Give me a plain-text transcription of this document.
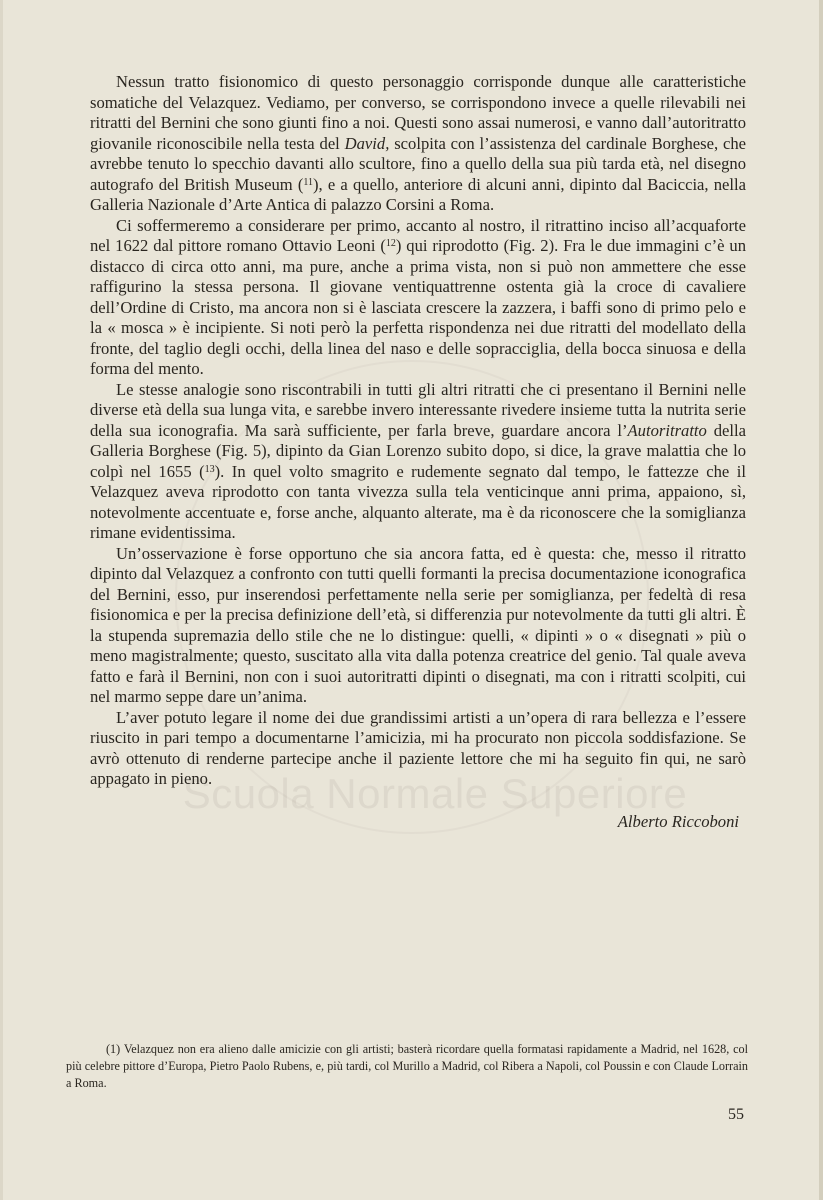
Scuola Normale Superiore

Nessun tratto fisionomico di questo personaggio corrisponde dunque alle caratteristiche somatiche del Velazquez. Vediamo, per converso, se corrispondono invece a quelle rilevabili nei ritratti del Bernini che sono giunti fino a noi. Questi sono assai numerosi, e vanno dall’autoritratto giovanile riconoscibile nella testa del David, scolpita con l’assistenza del cardinale Borghese, che avrebbe tenuto lo specchio davanti allo scultore, fino a quello della sua più tarda età, nel disegno autografo del British Museum ($^{11}$), e a quello, anteriore di alcuni anni, dipinto dal Baciccia, nella Galleria Nazionale d’Arte Antica di palazzo Corsini a Roma.

Ci soffermeremo a considerare per primo, accanto al nostro, il ritrattino inciso all’acquaforte nel 1622 dal pittore romano Ottavio Leoni ($^{12}$) qui riprodotto (Fig. 2). Fra le due immagini c’è un distacco di circa otto anni, ma pure, anche a prima vista, non si può non ammettere che esse raffigurino la stessa persona. Il giovane ventiquattrenne ostenta già la croce di cavaliere dell’Ordine di Cristo, ma ancora non si è lasciata crescere la zazzera, i baffi sono di primo pelo e la « mosca » è incipiente. Si noti però la perfetta rispondenza nei due ritratti del modellato della fronte, del taglio degli occhi, della linea del naso e delle sopracciglia, della bocca sinuosa e della forma del mento.

Le stesse analogie sono riscontrabili in tutti gli altri ritratti che ci presentano il Bernini nelle diverse età della sua lunga vita, e sarebbe invero interessante rivedere insieme tutta la nutrita serie della sua iconografia. Ma sarà sufficiente, per farla breve, guardare ancora l’Autoritratto della Galleria Borghese (Fig. 5), dipinto da Gian Lorenzo subito dopo, si dice, la grave malattia che lo colpì nel 1655 ($^{13}$). In quel volto smagrito e rudemente segnato dal tempo, le fattezze che il Velazquez aveva riprodotto con tanta vivezza sulla tela venticinque anni prima, appaiono, sì, notevolmente accentuate e, forse anche, alquanto alterate, ma è da riconoscere che la somiglianza rimane evidentissima.

Un’osservazione è forse opportuno che sia ancora fatta, ed è questa: che, messo il ritratto dipinto dal Velazquez a confronto con tutti quelli formanti la precisa documentazione iconografica del Bernini, esso, pur inserendosi perfettamente nella serie per somiglianza, per fedeltà di resa fisionomica e per la precisa definizione dell’età, si differenzia pur notevolmente da tutti gli altri. È la stupenda supremazia dello stile che ne lo distingue: quelli, « dipinti » o « disegnati » più o meno magistralmente; questo, suscitato alla vita dalla potenza creatrice del genio. Tal quale aveva fatto e farà il Bernini, non con i suoi autoritratti dipinti o disegnati, ma con i ritratti scolpiti, cui nel marmo seppe dare un’anima.

L’aver potuto legare il nome dei due grandissimi artisti a un’opera di rara bellezza e l’essere riuscito in pari tempo a documentarne l’amicizia, mi ha procurato non piccola soddisfazione. Se avrò ottenuto di renderne partecipe anche il paziente lettore che mi ha seguito fin qui, ne sarò appagato in pieno.

Alberto Riccoboni

(1) Velazquez non era alieno dalle amicizie con gli artisti; basterà ricordare quella formatasi rapidamente a Madrid, nel 1628, col più celebre pittore d’Europa, Pietro Paolo Rubens, e, più tardi, col Murillo a Madrid, col Ribera a Napoli, col Poussin e con Claude Lorrain a Roma.

55
